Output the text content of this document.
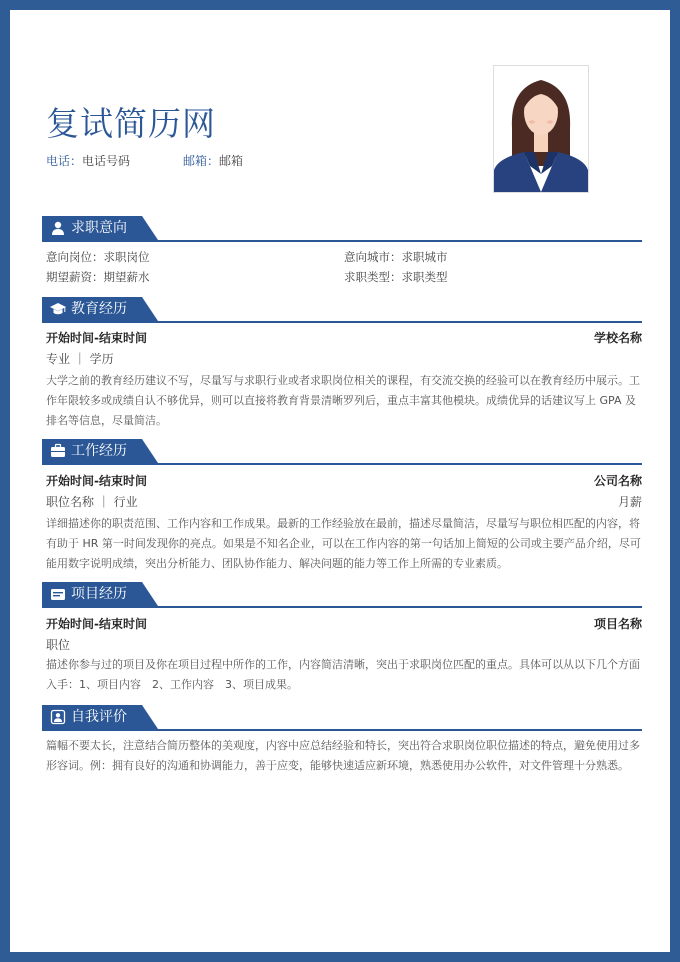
复试简历网
电话：电话号码	邮箱：邮箱
求职意向
意向岗位：求职岗位	意向城市：求职城市
期望薪资：期望薪水	求职类型：求职类型
教育经历
开始时间-结束时间	学校名称
专业 ｜ 学历
大学之前的教育经历建议不写，尽量写与求职行业或者求职岗位相关的课程，有交流交换的经验可以在教育经历中展示。工作年限较多或成绩自认不够优异，则可以直接将教育背景清晰罗列后，重点丰富其他模块。成绩优异的话建议写上 GPA 及排名等信息，尽量简洁。
工作经历
开始时间-结束时间	公司名称
职位名称 ｜ 行业	月薪
详细描述你的职责范围、工作内容和工作成果。最新的工作经验放在最前，描述尽量简洁，尽量写与职位相匹配的内容，将有助于 HR 第一时间发现你的亮点。如果是不知名企业，可以在工作内容的第一句话加上简短的公司或主要产品介绍，尽可能用数字说明成绩，突出分析能力、团队协作能力、解决问题的能力等工作上所需的专业素质。
项目经历
开始时间-结束时间	项目名称
职位
描述你参与过的项目及你在项目过程中所作的工作，内容简洁清晰，突出于求职岗位匹配的重点。具体可以从以下几个方面入手：1、项目内容　2、工作内容　3、项目成果。
自我评价
篇幅不要太长，注意结合简历整体的美观度，内容中应总结经验和特长，突出符合求职岗位职位描述的特点，避免使用过多形容词。例：拥有良好的沟通和协调能力，善于应变，能够快速适应新环境，熟悉使用办公软件，对文件管理十分熟悉。
